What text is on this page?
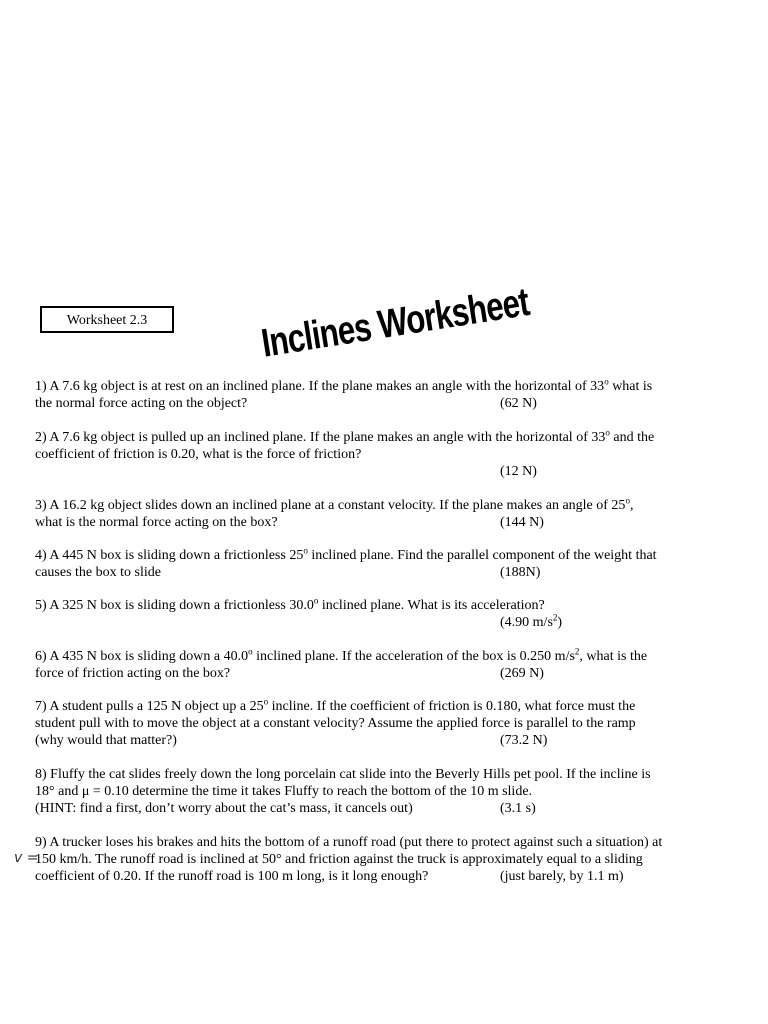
Worksheet 2.3	Inclines Worksheet
v =
1) A 7.6 kg object is at rest on an inclined plane. If the plane makes an angle with the horizontal of 33$^o$ what is
the normal force acting on the object?	(62 N)
2) A 7.6 kg object is pulled up an inclined plane. If the plane makes an angle with the horizontal of 33$^o$ and the
coefficient of friction is 0.20, what is the force of friction?
(12 N)

3) A 16.2 kg object slides down an inclined plane at a constant velocity. If the plane makes an angle of 25$^o$,
what is the normal force acting on the box?	(144 N)
4) A 445 N box is sliding down a frictionless 25$^o$ inclined plane. Find the parallel component of the weight that
causes the box to slide	(188N)
5) A 325 N box is sliding down a frictionless 30.0$^o$ inclined plane. What is its acceleration?
(4.90 $m/s^2$)

6) A 435 N box is sliding down a 40.0$^o$ inclined plane. If the acceleration of the box is 0.250 $m/s^2$, what is the
force of friction acting on the box?	(269 N)
7) A student pulls a 125 N object up a 25$^o$ incline. If the coefficient of friction is 0.180, what force must the
student pull with to move the object at a constant velocity? Assume the applied force is parallel to the ramp
(why would that matter?)	(73.2 N)
8) Fluffy the cat slides freely down the long porcelain cat slide into the Beverly Hills pet pool. If the incline is
18° and μ = 0.10 determine the time it takes Fluffy to reach the bottom of the 10 m slide.
(HINT: find a first, don’t worry about the cat’s mass, it cancels out)	(3.1 s)
9) A trucker loses his brakes and hits the bottom of a runoff road (put there to protect against such a situation) at
150 km/h. The runoff road is inclined at 50° and friction against the truck is approximately equal to a sliding
coefficient of 0.20. If the runoff road is 100 m long, is it long enough?	(just barely, by 1.1 m)
